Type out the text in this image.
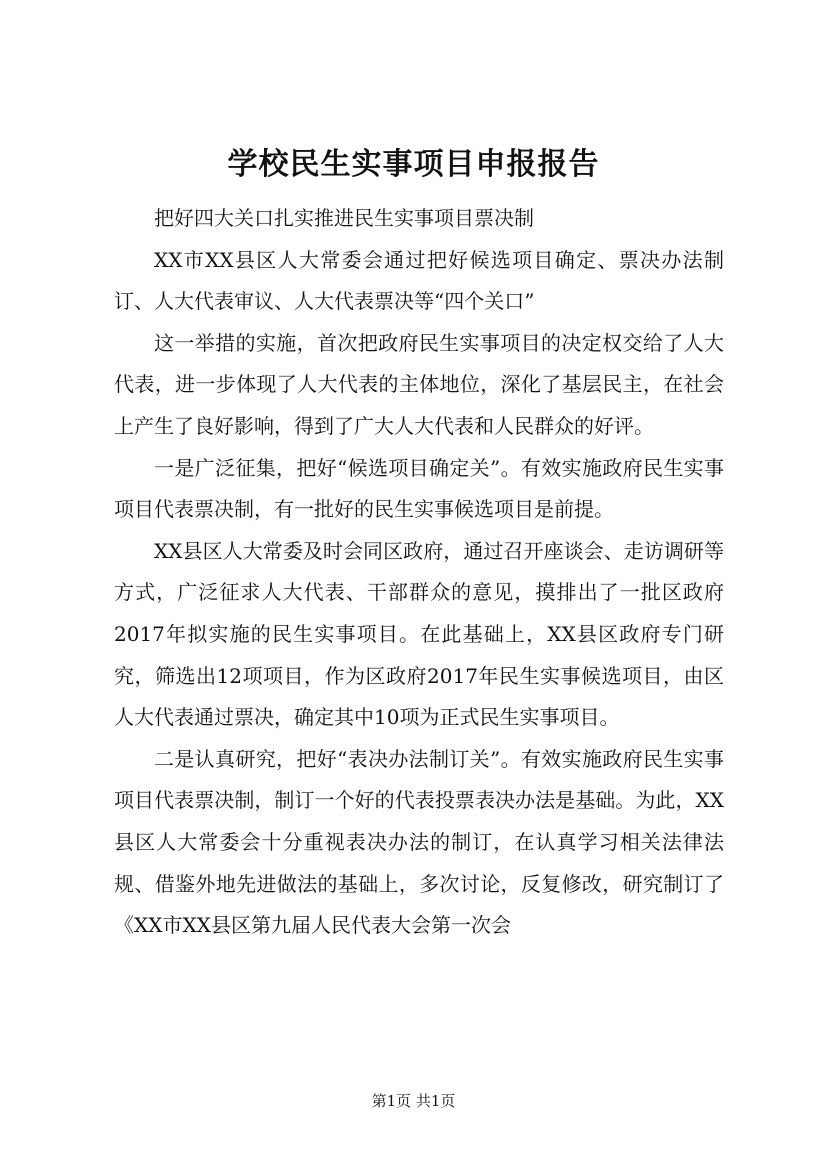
学校民生实事项目申报报告

把好四大关口扎实推进民生实事项目票决制

XX市XX县区人大常委会通过把好候选项目确定、票决办法制订、人大代表审议、人大代表票决等“四个关口”

这一举措的实施，首次把政府民生实事项目的决定权交给了人大代表，进一步体现了人大代表的主体地位，深化了基层民主，在社会上产生了良好影响，得到了广大人大代表和人民群众的好评。

一是广泛征集，把好“候选项目确定关”。有效实施政府民生实事项目代表票决制，有一批好的民生实事候选项目是前提。

XX县区人大常委及时会同区政府，通过召开座谈会、走访调研等方式，广泛征求人大代表、干部群众的意见，摸排出了一批区政府2017年拟实施的民生实事项目。在此基础上，XX县区政府专门研究，筛选出12项项目，作为区政府2017年民生实事候选项目，由区人大代表通过票决，确定其中10项为正式民生实事项目。

二是认真研究，把好“表决办法制订关”。有效实施政府民生实事项目代表票决制，制订一个好的代表投票表决办法是基础。为此，XX县区人大常委会十分重视表决办法的制订，在认真学习相关法律法规、借鉴外地先进做法的基础上，多次讨论，反复修改，研究制订了《XX市XX县区第九届人民代表大会第一次会

第1页 共1页
